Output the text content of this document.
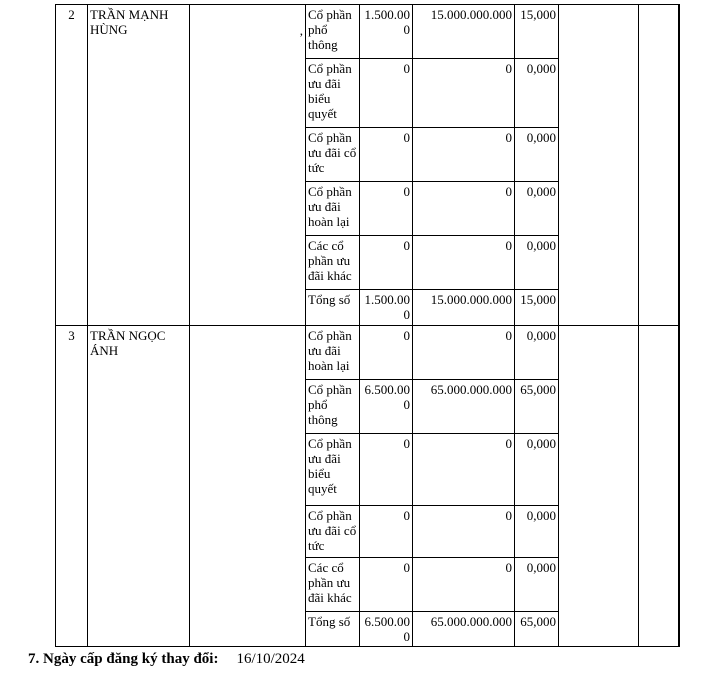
2	TRẦN MẠNH HÙNG	,	Cổ phần phổ thông	1.500.000	15.000.000.000	15,000			
			Cổ phần ưu đãi biểu quyết	0	0	0,000			
			Cổ phần ưu đãi cổ tức	0	0	0,000			
			Cổ phần ưu đãi hoàn lại	0	0	0,000			
			Các cổ phần ưu đãi khác	0	0	0,000			
			Tổng số	1.500.000	15.000.000.000	15,000			
3	TRẦN NGỌC ÁNH		Cổ phần ưu đãi hoàn lại	0	0	0,000			
			Cổ phần phổ thông	6.500.000	65.000.000.000	65,000			
			Cổ phần ưu đãi biểu quyết	0	0	0,000			
			Cổ phần ưu đãi cổ tức	0	0	0,000			
			Các cổ phần ưu đãi khác	0	0	0,000			
			Tổng số	6.500.000	65.000.000.000	65,000			
7. Ngày cấp đăng ký thay đổi: 16/10/2024
